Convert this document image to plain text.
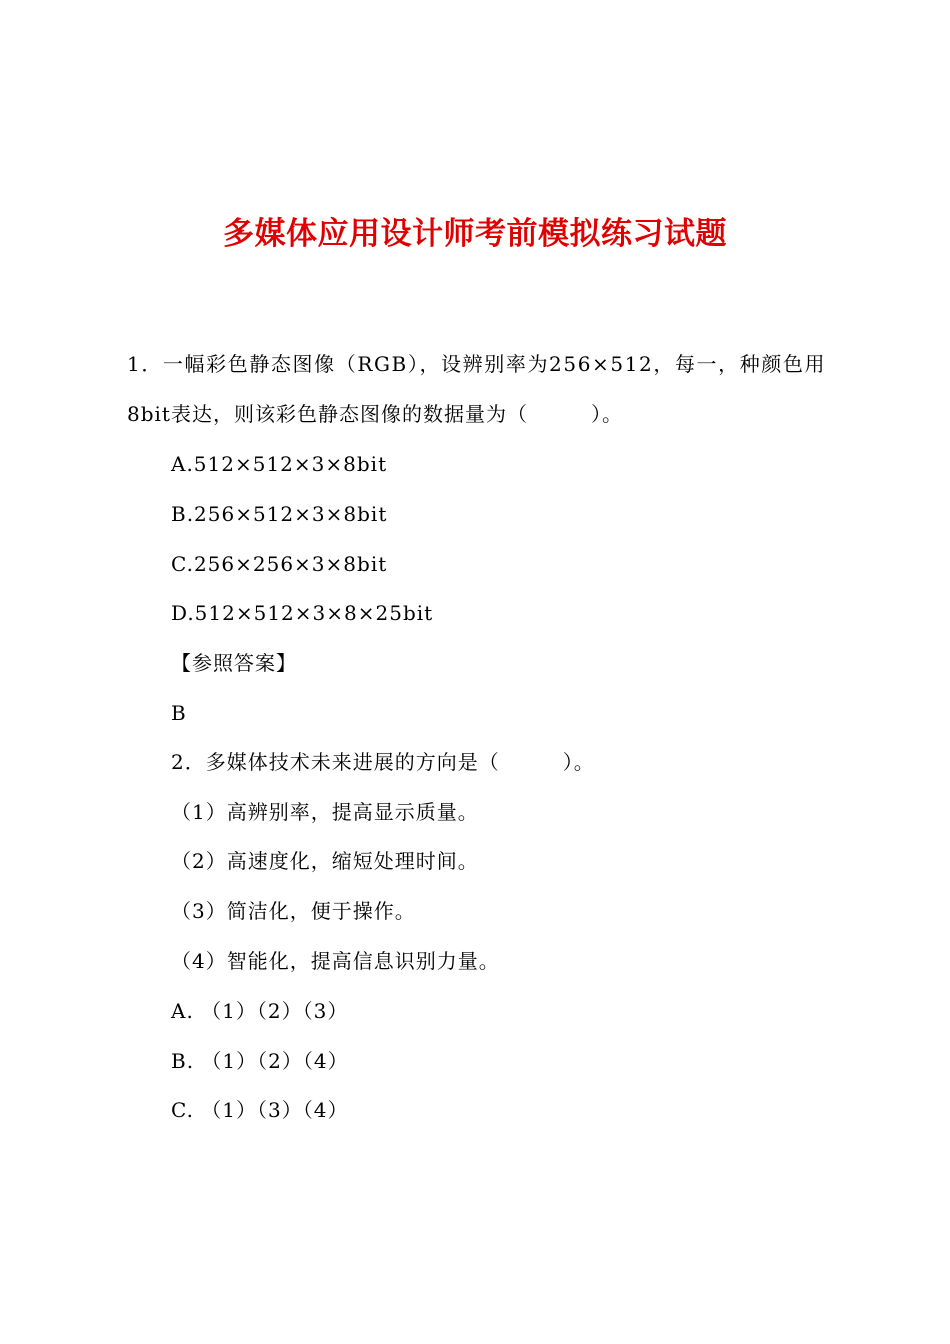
多媒体应用设计师考前模拟练习试题
1．一幅彩色静态图像（RGB），设辨别率为256×512，每一，种颜色用
8bit表达，则该彩色静态图像的数据量为（　　　）。
A.512×512×3×8bit
B.256×512×3×8bit
C.256×256×3×8bit
D.512×512×3×8×25bit
【参照答案】
B
2．多媒体技术未来进展的方向是（　　　）。
（1）高辨别率，提高显示质量。
（2）高速度化，缩短处理时间。
（3）简洁化，便于操作。
（4）智能化，提高信息识别力量。
A. （1）（2）（3）
B. （1）（2）（4）
C. （1）（3）（4）
